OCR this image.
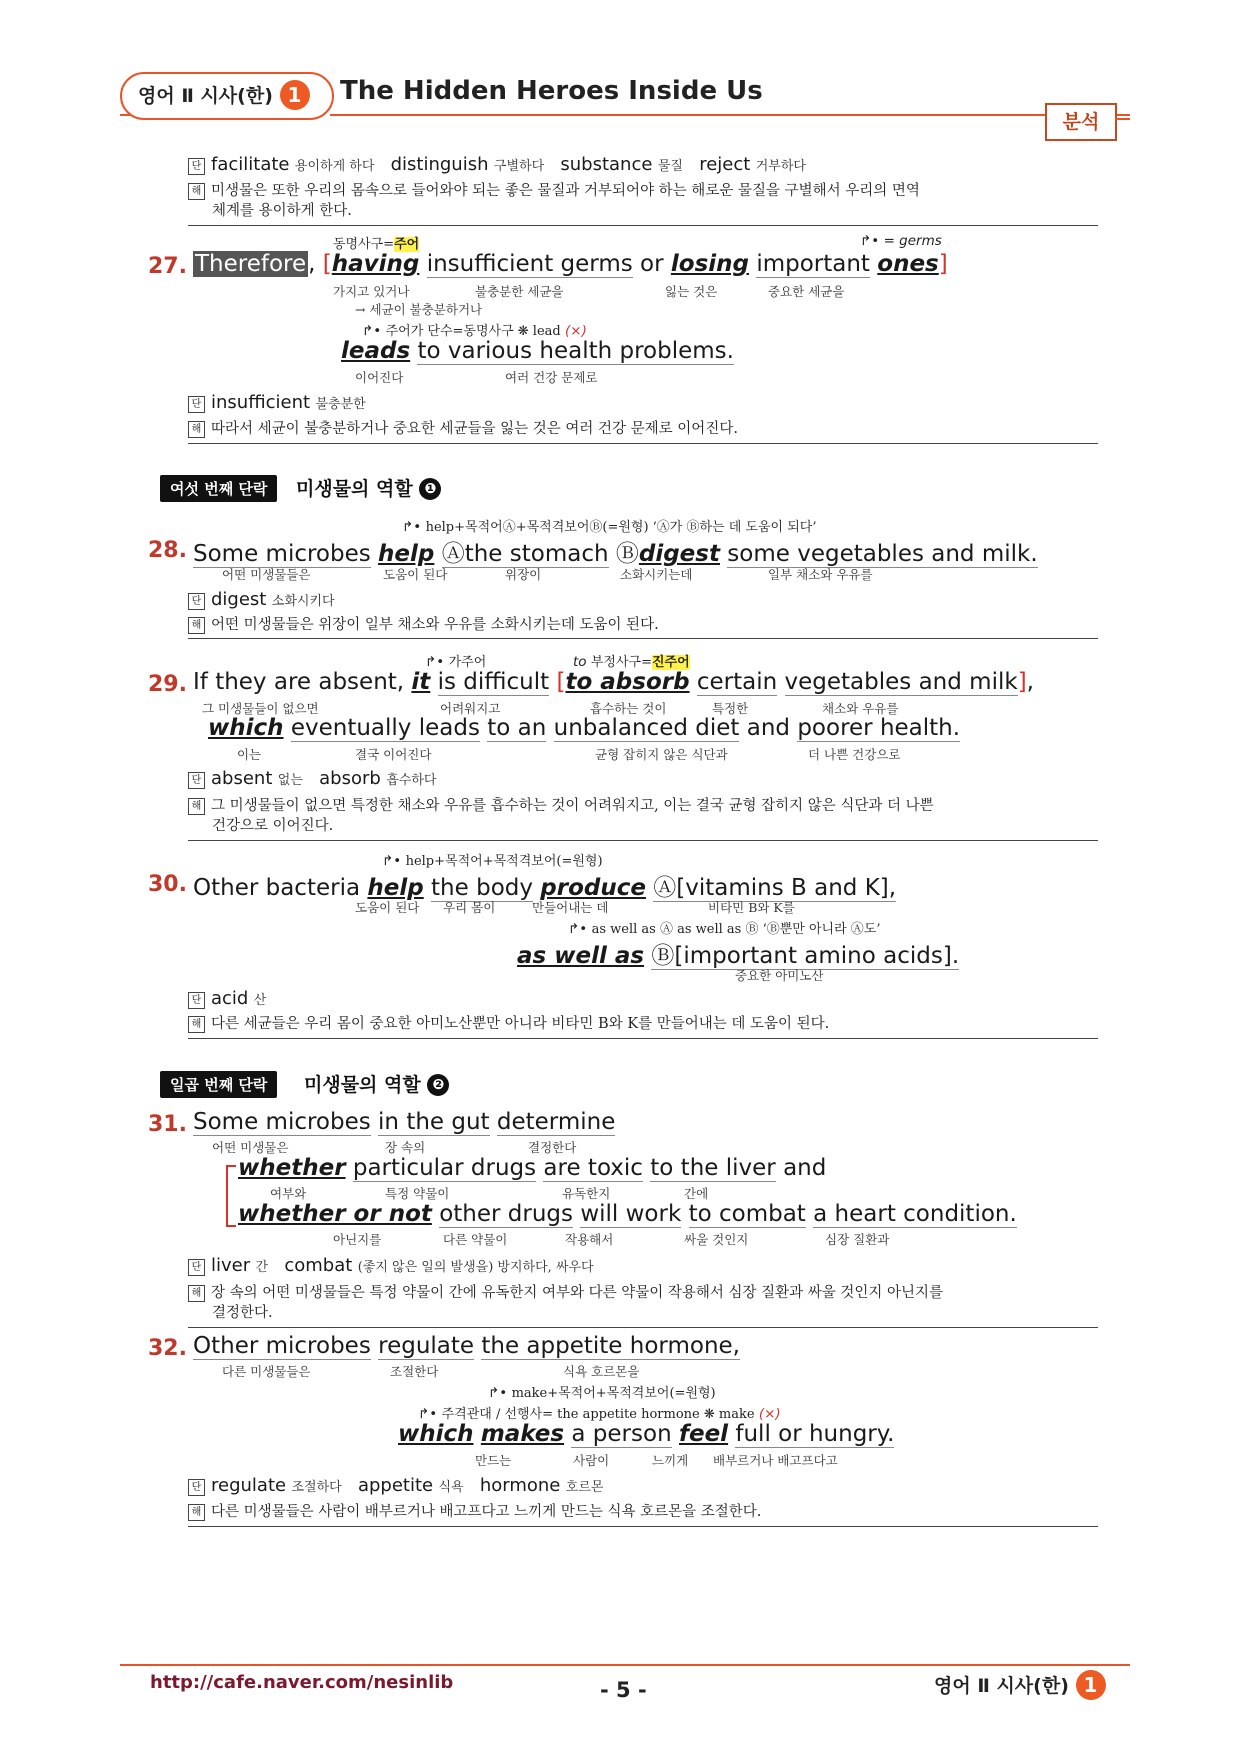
영어 Ⅱ 시사(한) 1	The Hidden Heroes Inside Us
분석
단 facilitate 용이하게 하다 distinguish 구별하다 substance 물질 reject 거부하다
해 미생물은 또한 우리의 몸속으로 들어와야 되는 좋은 물질과 거부되어야 하는 해로운 물질을 구별해서 우리의 면역
체계를 용이하게 한다.
동명사구=주어	↱• = germs
27. Therefore, [having insufficient germs or losing important ones]
가지고 있거나	불충분한 세균을	잃는 것은	중요한 세균을
→ 세균이 불충분하거나
↱• 주어가 단수=동명사구 ❋ lead (×)
leads to various health problems.
이어진다	여러 건강 문제로
단 insufficient 불충분한
해 따라서 세균이 불충분하거나 중요한 세균들을 잃는 것은 여러 건강 문제로 이어진다.
여섯 번째 단락	미생물의 역할 ❶
↱• help+목적어Ⓐ+목적격보어Ⓑ(=원형) ‘Ⓐ가 Ⓑ하는 데 도움이 되다’
28. Some microbes help Ⓐthe stomach Ⓑdigest some vegetables and milk.
어떤 미생물들은	도움이 된다	위장이	소화시키는데	일부 채소와 우유를
단 digest 소화시키다
해 어떤 미생물들은 위장이 일부 채소와 우유를 소화시키는데 도움이 된다.
↱• 가주어	to 부정사구=진주어
29. If they are absent, it is difficult [to absorb certain vegetables and milk],
그 미생물들이 없으면	어려워지고	흡수하는 것이	특정한	채소와 우유를
which eventually leads to an unbalanced diet and poorer health.
이는	결국 이어진다	균형 잡히지 않은 식단과	더 나쁜 건강으로
단 absent 없는 absorb 흡수하다
해 그 미생물들이 없으면 특정한 채소와 우유를 흡수하는 것이 어려워지고, 이는 결국 균형 잡히지 않은 식단과 더 나쁜
건강으로 이어진다.
↱• help+목적어+목적격보어(=원형)
30. Other bacteria help the body produce Ⓐ[vitamins B and K],
도움이 된다 우리 몸이	만들어내는 데	비타민 B와 K를
↱• as well as Ⓐ as well as Ⓑ ‘Ⓑ뿐만 아니라 Ⓐ도’
as well as Ⓑ[important amino acids].
중요한 아미노산
단 acid 산
해 다른 세균들은 우리 몸이 중요한 아미노산뿐만 아니라 비타민 B와 K를 만들어내는 데 도움이 된다.
일곱 번째 단락	미생물의 역할 ❷
31. Some microbes in the gut determine
어떤 미생물은	장 속의	결정한다
whether particular drugs are toxic to the liver and
여부와	특정 약물이	유독한지	간에
whether or not other drugs will work to combat a heart condition.
아닌지를	다른 약물이	작용해서	싸울 것인지	심장 질환과
단 liver 간 combat (좋지 않은 일의 발생을) 방지하다, 싸우다
해 장 속의 어떤 미생물들은 특정 약물이 간에 유독한지 여부와 다른 약물이 작용해서 심장 질환과 싸울 것인지 아닌지를
결정한다.
32. Other microbes regulate the appetite hormone,
다른 미생물들은	조절한다	식욕 호르몬을
↱• make+목적어+목적격보어(=원형)
↱• 주격관대 / 선행사= the appetite hormone ❋ make (×)
which makes a person feel full or hungry.
만드는	사람이	느끼게 배부르거나 배고프다고
단 regulate 조절하다 appetite 식욕 hormone 호르몬
해 다른 미생물들은 사람이 배부르거나 배고프다고 느끼게 만드는 식욕 호르몬을 조절한다.
http://cafe.naver.com/nesinlib	- 5 -	영어 Ⅱ 시사(한) 1
